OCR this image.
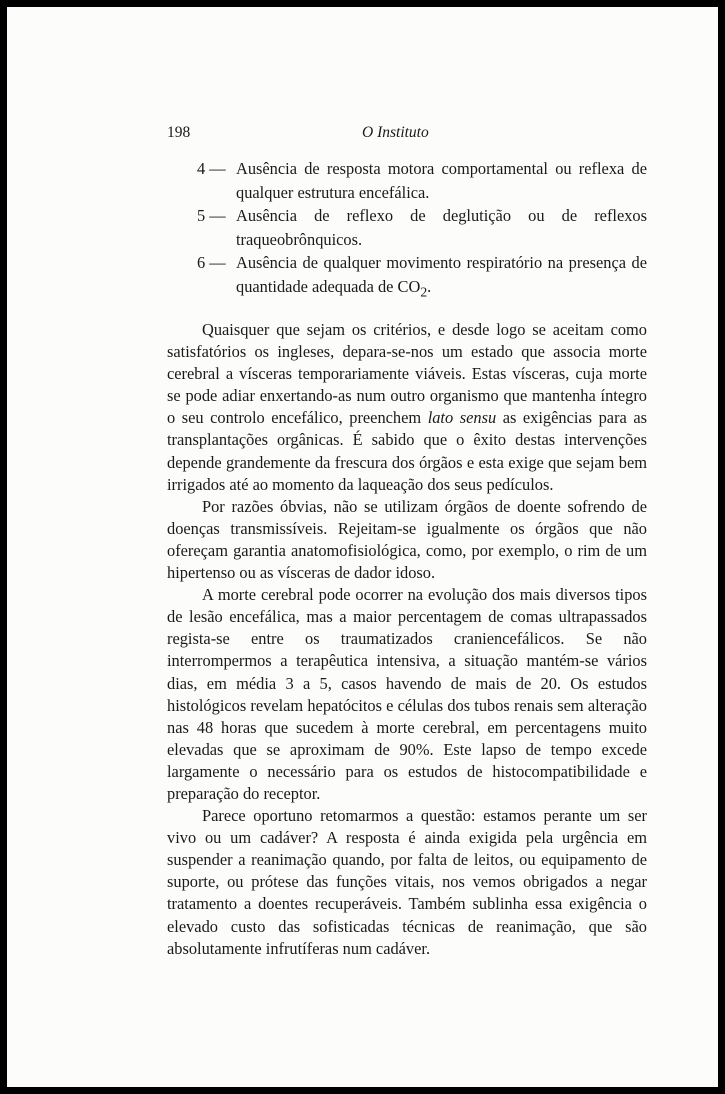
198	O Instituto
4 — Ausência de resposta motora comportamental ou reflexa de qualquer estrutura encefálica.
5 — Ausência de reflexo de deglutição ou de reflexos traqueobrônquicos.
6 — Ausência de qualquer movimento respiratório na presença de quantidade adequada de $CO_2$.

Quaisquer que sejam os critérios, e desde logo se aceitam como satisfatórios os ingleses, depara-se-nos um estado que associa morte cerebral a vísceras temporariamente viáveis. Estas vísceras, cuja morte se pode adiar enxertando-as num outro organismo que mantenha íntegro o seu controlo encefálico, preenchem lato sensu as exigências para as transplantações orgânicas. É sabido que o êxito destas intervenções depende grandemente da frescura dos órgãos e esta exige que sejam bem irrigados até ao momento da laqueação dos seus pedículos.

Por razões óbvias, não se utilizam órgãos de doente sofrendo de doenças transmissíveis. Rejeitam-se igualmente os órgãos que não ofereçam garantia anatomofisiológica, como, por exemplo, o rim de um hipertenso ou as vísceras de dador idoso.

A morte cerebral pode ocorrer na evolução dos mais diversos tipos de lesão encefálica, mas a maior percentagem de comas ultrapassados regista-se entre os traumatizados craniencefálicos. Se não interrompermos a terapêutica intensiva, a situação mantém-se vários dias, em média 3 a 5, casos havendo de mais de 20. Os estudos histológicos revelam hepatócitos e células dos tubos renais sem alteração nas 48 horas que sucedem à morte cerebral, em percentagens muito elevadas que se aproximam de 90%. Este lapso de tempo excede largamente o necessário para os estudos de histocompatibilidade e preparação do receptor.

Parece oportuno retomarmos a questão: estamos perante um ser vivo ou um cadáver? A resposta é ainda exigida pela urgência em suspender a reanimação quando, por falta de leitos, ou equipamento de suporte, ou prótese das funções vitais, nos vemos obrigados a negar tratamento a doentes recuperáveis. Também sublinha essa exigência o elevado custo das sofisticadas técnicas de reanimação, que são absolutamente infrutíferas num cadáver.
